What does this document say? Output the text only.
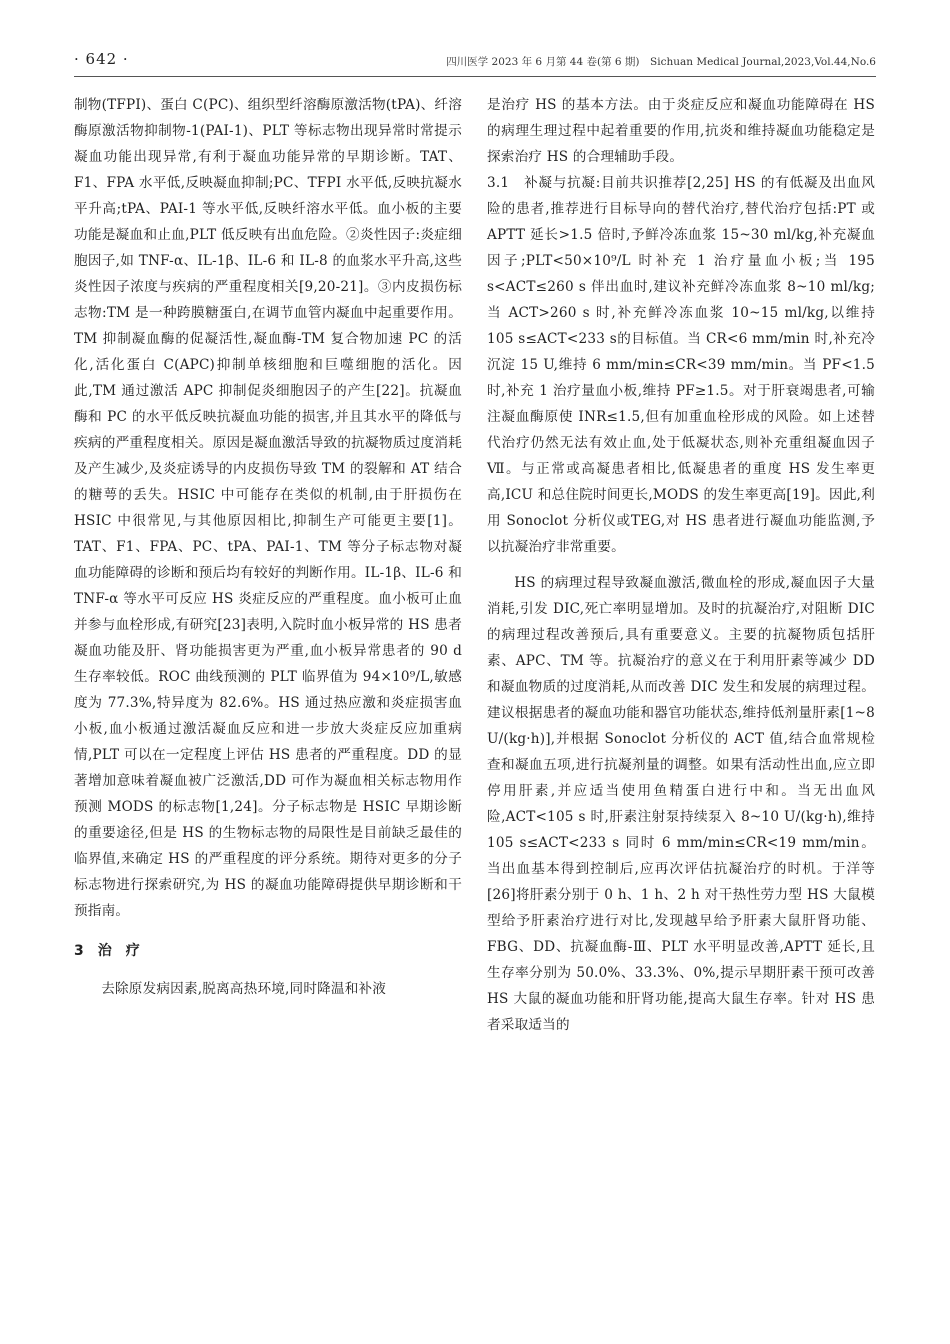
· 642 ·	四川医学 2023 年 6 月第 44 卷(第 6 期)　Sichuan Medical Journal,2023,Vol.44,No.6

制物(TFPI)、蛋白 C(PC)、组织型纤溶酶原激活物(tPA)、纤溶酶原激活物抑制物-1(PAI-1)、PLT 等标志物出现异常时常提示凝血功能出现异常,有利于凝血功能异常的早期诊断。TAT、F1、FPA 水平低,反映凝血抑制;PC、TFPI 水平低,反映抗凝水平升高;tPA、PAI-1 等水平低,反映纤溶水平低。血小板的主要功能是凝血和止血,PLT 低反映有出血危险。②炎性因子:炎症细胞因子,如 TNF-α、IL-1β、IL-6 和 IL-8 的血浆水平升高,这些炎性因子浓度与疾病的严重程度相关[9,20-21]。③内皮损伤标志物:TM 是一种跨膜糖蛋白,在调节血管内凝血中起重要作用。TM 抑制凝血酶的促凝活性,凝血酶-TM 复合物加速 PC 的活化,活化蛋白 C(APC)抑制单核细胞和巨噬细胞的活化。因此,TM 通过激活 APC 抑制促炎细胞因子的产生[22]。抗凝血酶和 PC 的水平低反映抗凝血功能的损害,并且其水平的降低与疾病的严重程度相关。原因是凝血激活导致的抗凝物质过度消耗及产生减少,及炎症诱导的内皮损伤导致 TM 的裂解和 AT 结合的糖萼的丢失。HSIC 中可能存在类似的机制,由于肝损伤在 HSIC 中很常见,与其他原因相比,抑制生产可能更主要[1]。TAT、F1、FPA、PC、tPA、PAI-1、TM 等分子标志物对凝血功能障碍的诊断和预后均有较好的判断作用。IL-1β、IL-6 和 TNF-α 等水平可反应 HS 炎症反应的严重程度。血小板可止血并参与血栓形成,有研究[23]表明,入院时血小板异常的 HS 患者凝血功能及肝、肾功能损害更为严重,血小板异常患者的 90 d 生存率较低。ROC 曲线预测的 PLT 临界值为 94×10⁹/L,敏感度为 77.3%,特异度为 82.6%。HS 通过热应激和炎症损害血小板,血小板通过激活凝血反应和进一步放大炎症反应加重病情,PLT 可以在一定程度上评估 HS 患者的严重程度。DD 的显著增加意味着凝血被广泛激活,DD 可作为凝血相关标志物用作预测 MODS 的标志物[1,24]。分子标志物是 HSIC 早期诊断的重要途径,但是 HS 的生物标志物的局限性是目前缺乏最佳的临界值,来确定 HS 的严重程度的评分系统。期待对更多的分子标志物进行探索研究,为 HS 的凝血功能障碍提供早期诊断和干预指南。

3 治 疗

去除原发病因素,脱离高热环境,同时降温和补液

是治疗 HS 的基本方法。由于炎症反应和凝血功能障碍在 HS 的病理生理过程中起着重要的作用,抗炎和维持凝血功能稳定是探索治疗 HS 的合理辅助手段。

3.1　补凝与抗凝:目前共识推荐[2,25] HS 的有低凝及出血风险的患者,推荐进行目标导向的替代治疗,替代治疗包括:PT 或 APTT 延长>1.5 倍时,予鲜冷冻血浆 15~30 ml/kg,补充凝血因子;PLT<50×10⁹/L 时补充 1 治疗量血小板;当 195 s<ACT≤260 s 伴出血时,建议补充鲜冷冻血浆 8~10 ml/kg;当 ACT>260 s 时,补充鲜冷冻血浆 10~15 ml/kg,以维持 105 s≤ACT<233 s的目标值。当 CR<6 mm/min 时,补充冷沉淀 15 U,维持 6 mm/min≤CR<39 mm/min。当 PF<1.5 时,补充 1 治疗量血小板,维持 PF≥1.5。对于肝衰竭患者,可输注凝血酶原使 INR≤1.5,但有加重血栓形成的风险。如上述替代治疗仍然无法有效止血,处于低凝状态,则补充重组凝血因子Ⅶ。与正常或高凝患者相比,低凝患者的重度 HS 发生率更高,ICU 和总住院时间更长,MODS 的发生率更高[19]。因此,利用 Sonoclot 分析仪或TEG,对 HS 患者进行凝血功能监测,予以抗凝治疗非常重要。

HS 的病理过程导致凝血激活,微血栓的形成,凝血因子大量消耗,引发 DIC,死亡率明显增加。及时的抗凝治疗,对阻断 DIC 的病理过程改善预后,具有重要意义。主要的抗凝物质包括肝素、APC、TM 等。抗凝治疗的意义在于利用肝素等减少 DD 和凝血物质的过度消耗,从而改善 DIC 发生和发展的病理过程。建议根据患者的凝血功能和器官功能状态,维持低剂量肝素[1~8 U/(kg·h)],并根据 Sonoclot 分析仪的 ACT 值,结合血常规检查和凝血五项,进行抗凝剂量的调整。如果有活动性出血,应立即停用肝素,并应适当使用鱼精蛋白进行中和。当无出血风险,ACT<105 s 时,肝素注射泵持续泵入 8~10 U/(kg·h),维持 105 s≤ACT<233 s 同时 6 mm/min≤CR<19 mm/min。当出血基本得到控制后,应再次评估抗凝治疗的时机。于洋等[26]将肝素分别于 0 h、1 h、2 h 对干热性劳力型 HS 大鼠模型给予肝素治疗进行对比,发现越早给予肝素大鼠肝肾功能、FBG、DD、抗凝血酶-Ⅲ、PLT 水平明显改善,APTT 延长,且生存率分别为 50.0%、33.3%、0%,提示早期肝素干预可改善 HS 大鼠的凝血功能和肝肾功能,提高大鼠生存率。针对 HS 患者采取适当的
